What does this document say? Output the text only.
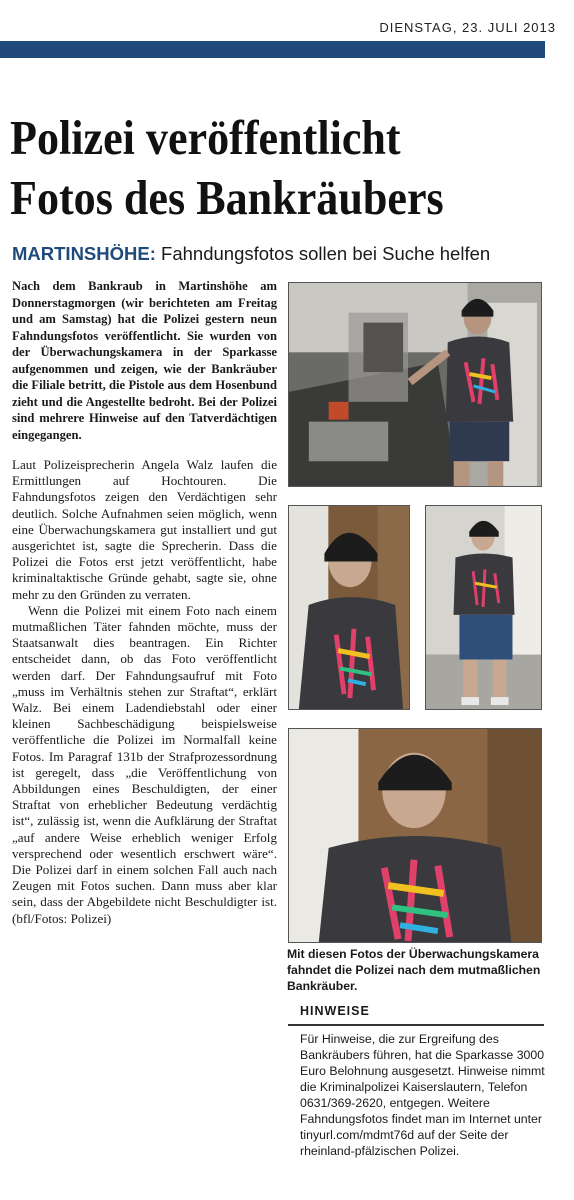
DIENSTAG, 23. JULI 2013
Polizei veröffentlicht
Fotos des Bankräubers
MARTINSHÖHE: Fahndungsfotos sollen bei Suche helfen

Nach dem Bankraub in Martinshöhe am Donnerstagmorgen (wir berichteten am Freitag und am Samstag) hat die Polizei gestern neun Fahndungsfotos veröffentlicht. Sie wurden von der Überwachungskamera in der Sparkasse aufgenommen und zeigen, wie der Bankräuber die Filiale betritt, die Pistole aus dem Hosenbund zieht und die Angestellte bedroht. Bei der Polizei sind mehrere Hinweise auf den Tatverdächtigen eingegangen.

Laut Polizeisprecherin Angela Walz laufen die Ermittlungen auf Hochtouren. Die Fahndungsfotos zeigen den Verdächtigen sehr deutlich. Solche Aufnahmen seien möglich, wenn eine Überwachungskamera gut installiert und gut ausgerichtet ist, sagte die Sprecherin. Dass die Polizei die Fotos erst jetzt veröffentlicht, habe kriminaltaktische Gründe gehabt, sagte sie, ohne mehr zu den Gründen zu verraten.

Wenn die Polizei mit einem Foto nach einem mutmaßlichen Täter fahnden möchte, muss der Staatsanwalt dies beantragen. Ein Richter entscheidet dann, ob das Foto veröffentlicht werden darf. Der Fahndungsaufruf mit Foto „muss im Verhältnis stehen zur Straftat“, erklärt Walz. Bei einem Ladendiebstahl oder einer kleinen Sachbeschädigung beispielsweise veröffentliche die Polizei im Normalfall keine Fotos. Im Paragraf 131b der Strafprozessordnung ist geregelt, dass „die Veröffentlichung von Abbildungen eines Beschuldigten, der einer Straftat von erheblicher Bedeutung verdächtig ist“, zulässig ist, wenn die Aufklärung der Straftat „auf andere Weise erheblich weniger Erfolg versprechend oder wesentlich erschwert wäre“. Die Polizei darf in einem solchen Fall auch nach Zeugen mit Fotos suchen. Dann muss aber klar sein, dass der Abgebildete nicht Beschuldigter ist. (bfl/Fotos: Polizei)

Mit diesen Fotos der Überwachungskamera fahndet die Polizei nach dem mutmaßlichen Bankräuber.

HINWEISE

Für Hinweise, die zur Ergreifung des Bankräubers führen, hat die Sparkasse 3000 Euro Belohnung ausgesetzt. Hinweise nimmt die Kriminalpolizei Kaiserslautern, Telefon 0631/369-2620, entgegen. Weitere Fahndungsfotos findet man im Internet unter tinyurl.com/mdmt76d auf der Seite der rheinland-pfälzischen Polizei.
